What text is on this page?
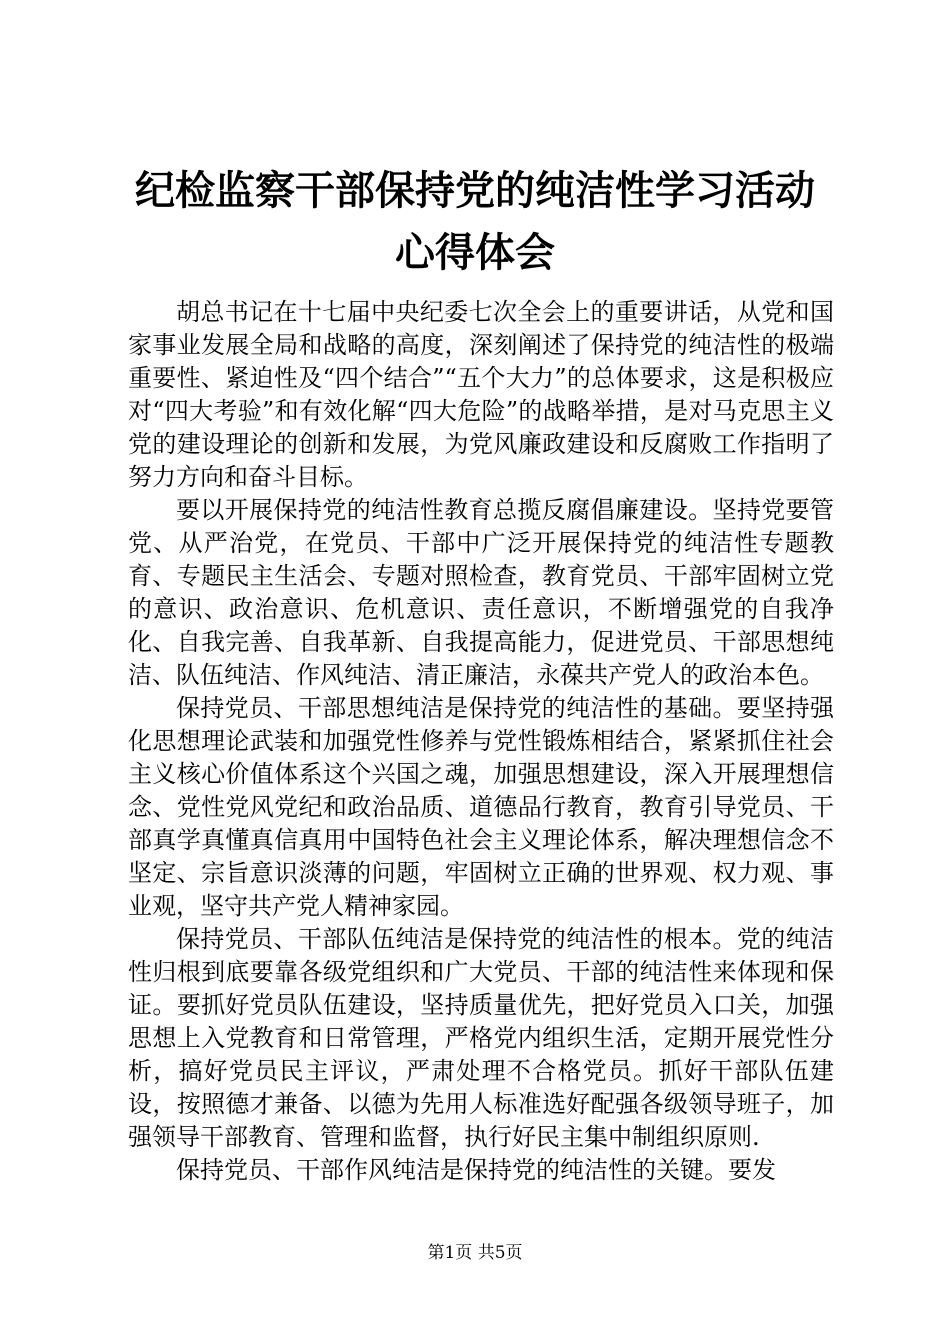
纪检监察干部保持党的纯洁性学习活动心得体会

胡总书记在十七届中央纪委七次全会上的重要讲话，从党和国家事业发展全局和战略的高度，深刻阐述了保持党的纯洁性的极端重要性、紧迫性及“四个结合”“五个大力”的总体要求，这是积极应对“四大考验”和有效化解“四大危险”的战略举措，是对马克思主义党的建设理论的创新和发展，为党风廉政建设和反腐败工作指明了努力方向和奋斗目标。

要以开展保持党的纯洁性教育总揽反腐倡廉建设。坚持党要管党、从严治党，在党员、干部中广泛开展保持党的纯洁性专题教育、专题民主生活会、专题对照检查，教育党员、干部牢固树立党的意识、政治意识、危机意识、责任意识，不断增强党的自我净化、自我完善、自我革新、自我提高能力，促进党员、干部思想纯洁、队伍纯洁、作风纯洁、清正廉洁，永葆共产党人的政治本色。

保持党员、干部思想纯洁是保持党的纯洁性的基础。要坚持强化思想理论武装和加强党性修养与党性锻炼相结合，紧紧抓住社会主义核心价值体系这个兴国之魂，加强思想建设，深入开展理想信念、党性党风党纪和政治品质、道德品行教育，教育引导党员、干部真学真懂真信真用中国特色社会主义理论体系，解决理想信念不坚定、宗旨意识淡薄的问题，牢固树立正确的世界观、权力观、事业观，坚守共产党人精神家园。

保持党员、干部队伍纯洁是保持党的纯洁性的根本。党的纯洁性归根到底要靠各级党组织和广大党员、干部的纯洁性来体现和保证。要抓好党员队伍建设，坚持质量优先，把好党员入口关，加强思想上入党教育和日常管理，严格党内组织生活，定期开展党性分析，搞好党员民主评议，严肃处理不合格党员。抓好干部队伍建设，按照德才兼备、以德为先用人标准选好配强各级领导班子，加强领导干部教育、管理和监督，执行好民主集中制组织原则.

保持党员、干部作风纯洁是保持党的纯洁性的关键。要发

第1页 共5页
